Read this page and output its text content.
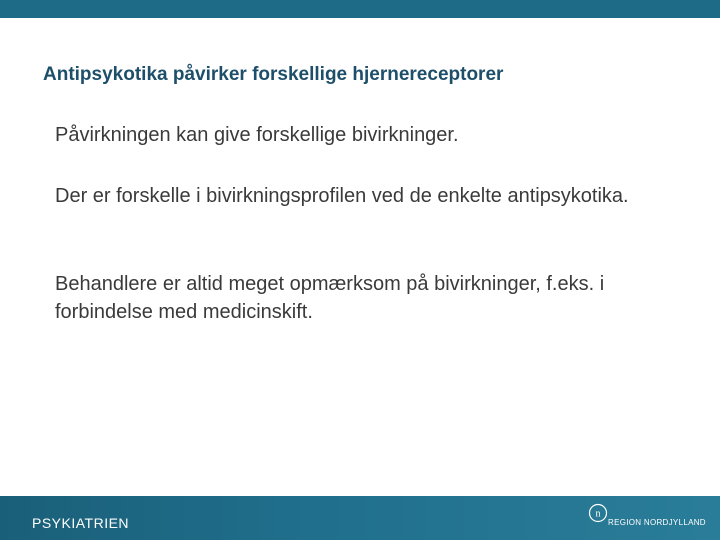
Antipsykotika påvirker forskellige hjernereceptorer

Påvirkningen kan give forskellige bivirkninger.

Der er forskelle i bivirkningsprofilen ved de enkelte antipsykotika.

Behandlere er altid meget opmærksom på bivirkninger, f.eks. i forbindelse med medicinskift.

PSYKIATRIEN
n
REGION NORDJYLLAND
